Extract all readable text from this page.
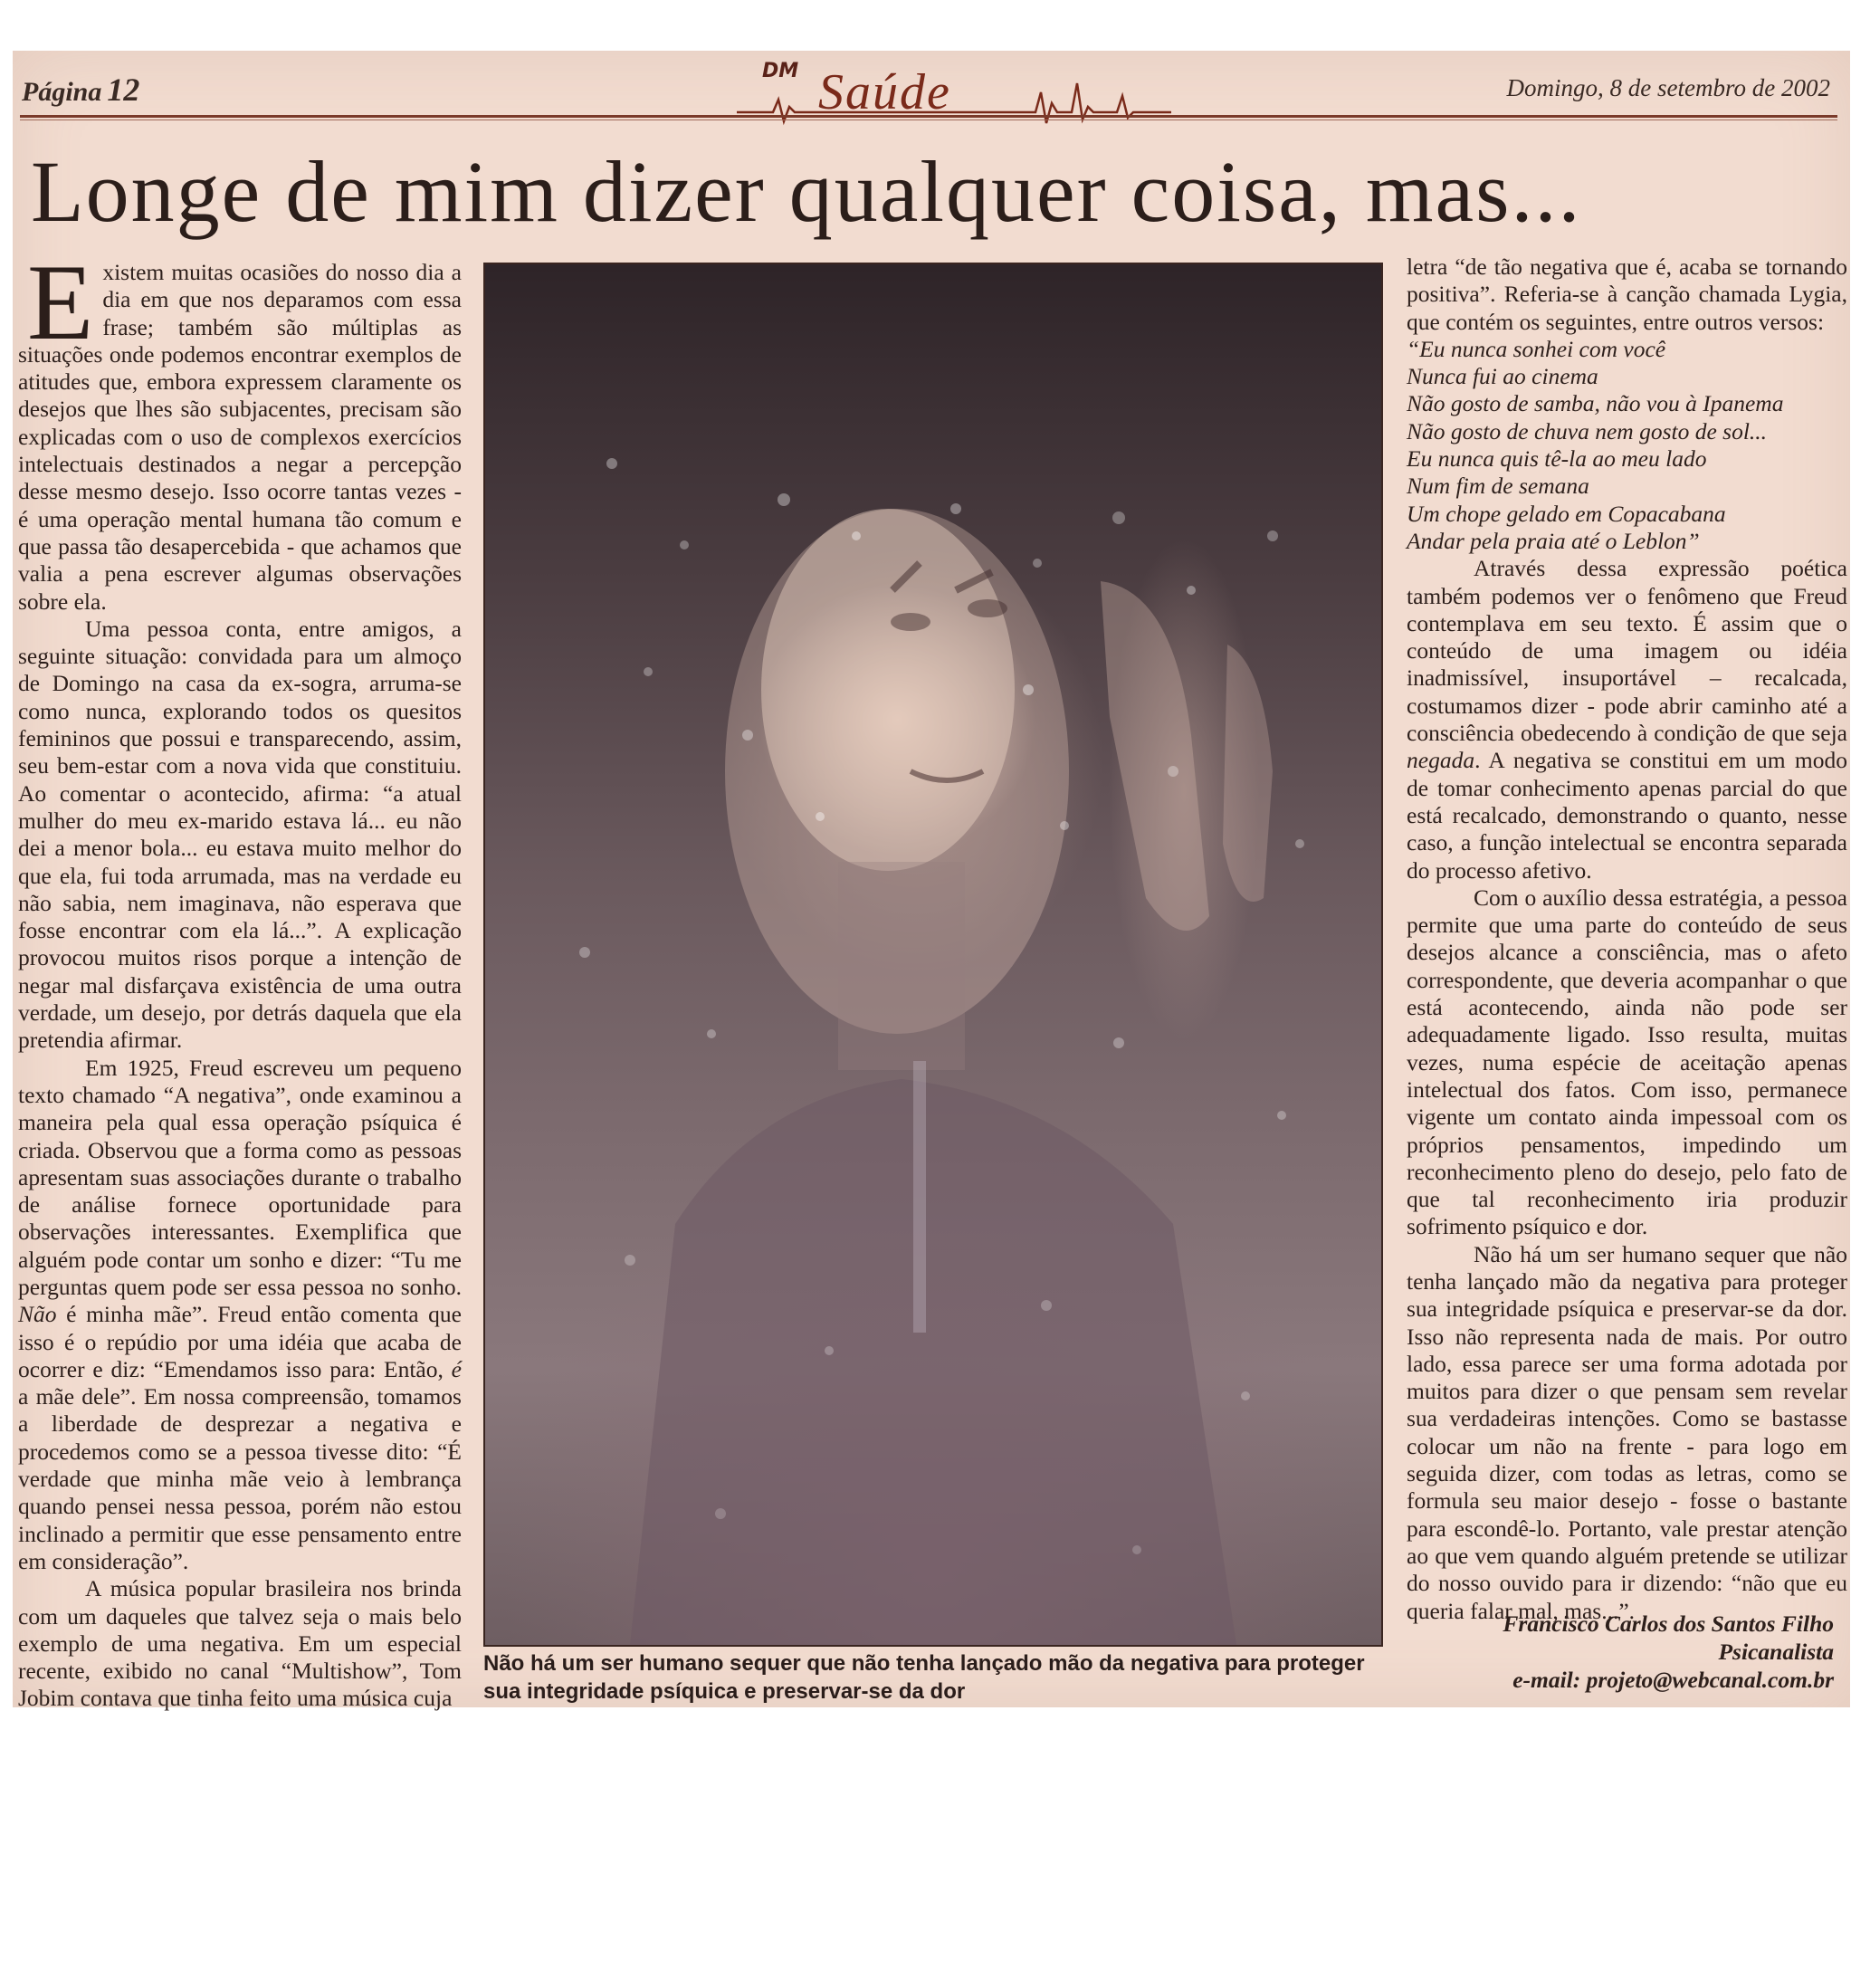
Página 12
DM Saúde	Domingo, 8 de setembro de 2002
Longe de mim dizer qualquer coisa, mas...

Existem muitas ocasiões do nosso dia a dia em que nos deparamos com essa frase; também são múltiplas as situações onde podemos encontrar exemplos de atitudes que, embora expressem claramente os desejos que lhes são subjacentes, precisam são explicadas com o uso de complexos exercícios intelectuais destinados a negar a percepção desse mesmo desejo. Isso ocorre tantas vezes - é uma operação mental humana tão comum e que passa tão desapercebida - que achamos que valia a pena escrever algumas observações sobre ela.

Uma pessoa conta, entre amigos, a seguinte situação: convidada para um almoço de Domingo na casa da ex-sogra, arruma-se como nunca, explorando todos os quesitos femininos que possui e transparecendo, assim, seu bem-estar com a nova vida que constituiu. Ao comentar o acontecido, afirma: “a atual mulher do meu ex-marido estava lá... eu não dei a menor bola... eu estava muito melhor do que ela, fui toda arrumada, mas na verdade eu não sabia, nem imaginava, não esperava que fosse encontrar com ela lá...”. A explicação provocou muitos risos porque a intenção de negar mal disfarçava existência de uma outra verdade, um desejo, por detrás daquela que ela pretendia afirmar.

Em 1925, Freud escreveu um pequeno texto chamado “A negativa”, onde examinou a maneira pela qual essa operação psíquica é criada. Observou que a forma como as pessoas apresentam suas associações durante o trabalho de análise fornece oportunidade para observações interessantes. Exemplifica que alguém pode contar um sonho e dizer: “Tu me perguntas quem pode ser essa pessoa no sonho. Não é minha mãe”. Freud então comenta que isso é o repúdio por uma idéia que acaba de ocorrer e diz: “Emendamos isso para: Então, é a mãe dele”. Em nossa compreensão, tomamos a liberdade de desprezar a negativa e procedemos como se a pessoa tivesse dito: “É verdade que minha mãe veio à lembrança quando pensei nessa pessoa, porém não estou inclinado a permitir que esse pensamento entre em consideração”.

A música popular brasileira nos brinda com um daqueles que talvez seja o mais belo exemplo de uma negativa. Em um especial recente, exibido no canal “Multishow”, Tom Jobim contava que tinha feito uma música cuja

Não há um ser humano sequer que não tenha lançado mão da negativa para proteger sua integridade psíquica e preservar-se da dor

letra “de tão negativa que é, acaba se tornando positiva”. Referia-se à canção chamada Lygia, que contém os seguintes, entre outros versos:

“Eu nunca sonhei com você
Nunca fui ao cinema
Não gosto de samba, não vou à Ipanema
Não gosto de chuva nem gosto de sol...
Eu nunca quis tê-la ao meu lado
Num fim de semana
Um chope gelado em Copacabana
Andar pela praia até o Leblon”

Através dessa expressão poética também podemos ver o fenômeno que Freud contemplava em seu texto. É assim que o conteúdo de uma imagem ou idéia inadmissível, insuportável – recalcada, costumamos dizer - pode abrir caminho até a consciência obedecendo à condição de que seja negada. A negativa se constitui em um modo de tomar conhecimento apenas parcial do que está recalcado, demonstrando o quanto, nesse caso, a função intelectual se encontra separada do processo afetivo.

Com o auxílio dessa estratégia, a pessoa permite que uma parte do conteúdo de seus desejos alcance a consciência, mas o afeto correspondente, que deveria acompanhar o que está acontecendo, ainda não pode ser adequadamente ligado. Isso resulta, muitas vezes, numa espécie de aceitação apenas intelectual dos fatos. Com isso, permanece vigente um contato ainda impessoal com os próprios pensamentos, impedindo um reconhecimento pleno do desejo, pelo fato de que tal reconhecimento iria produzir sofrimento psíquico e dor.

Não há um ser humano sequer que não tenha lançado mão da negativa para proteger sua integridade psíquica e preservar-se da dor. Isso não representa nada de mais. Por outro lado, essa parece ser uma forma adotada por muitos para dizer o que pensam sem revelar sua verdadeiras intenções. Como se bastasse colocar um não na frente - para logo em seguida dizer, com todas as letras, como se formula seu maior desejo - fosse o bastante para escondê-lo. Portanto, vale prestar atenção ao que vem quando alguém pretende se utilizar do nosso ouvido para ir dizendo: “não que eu queria falar mal, mas...”.

Francisco Carlos dos Santos Filho
Psicanalista
e-mail: projeto@webcanal.com.br
